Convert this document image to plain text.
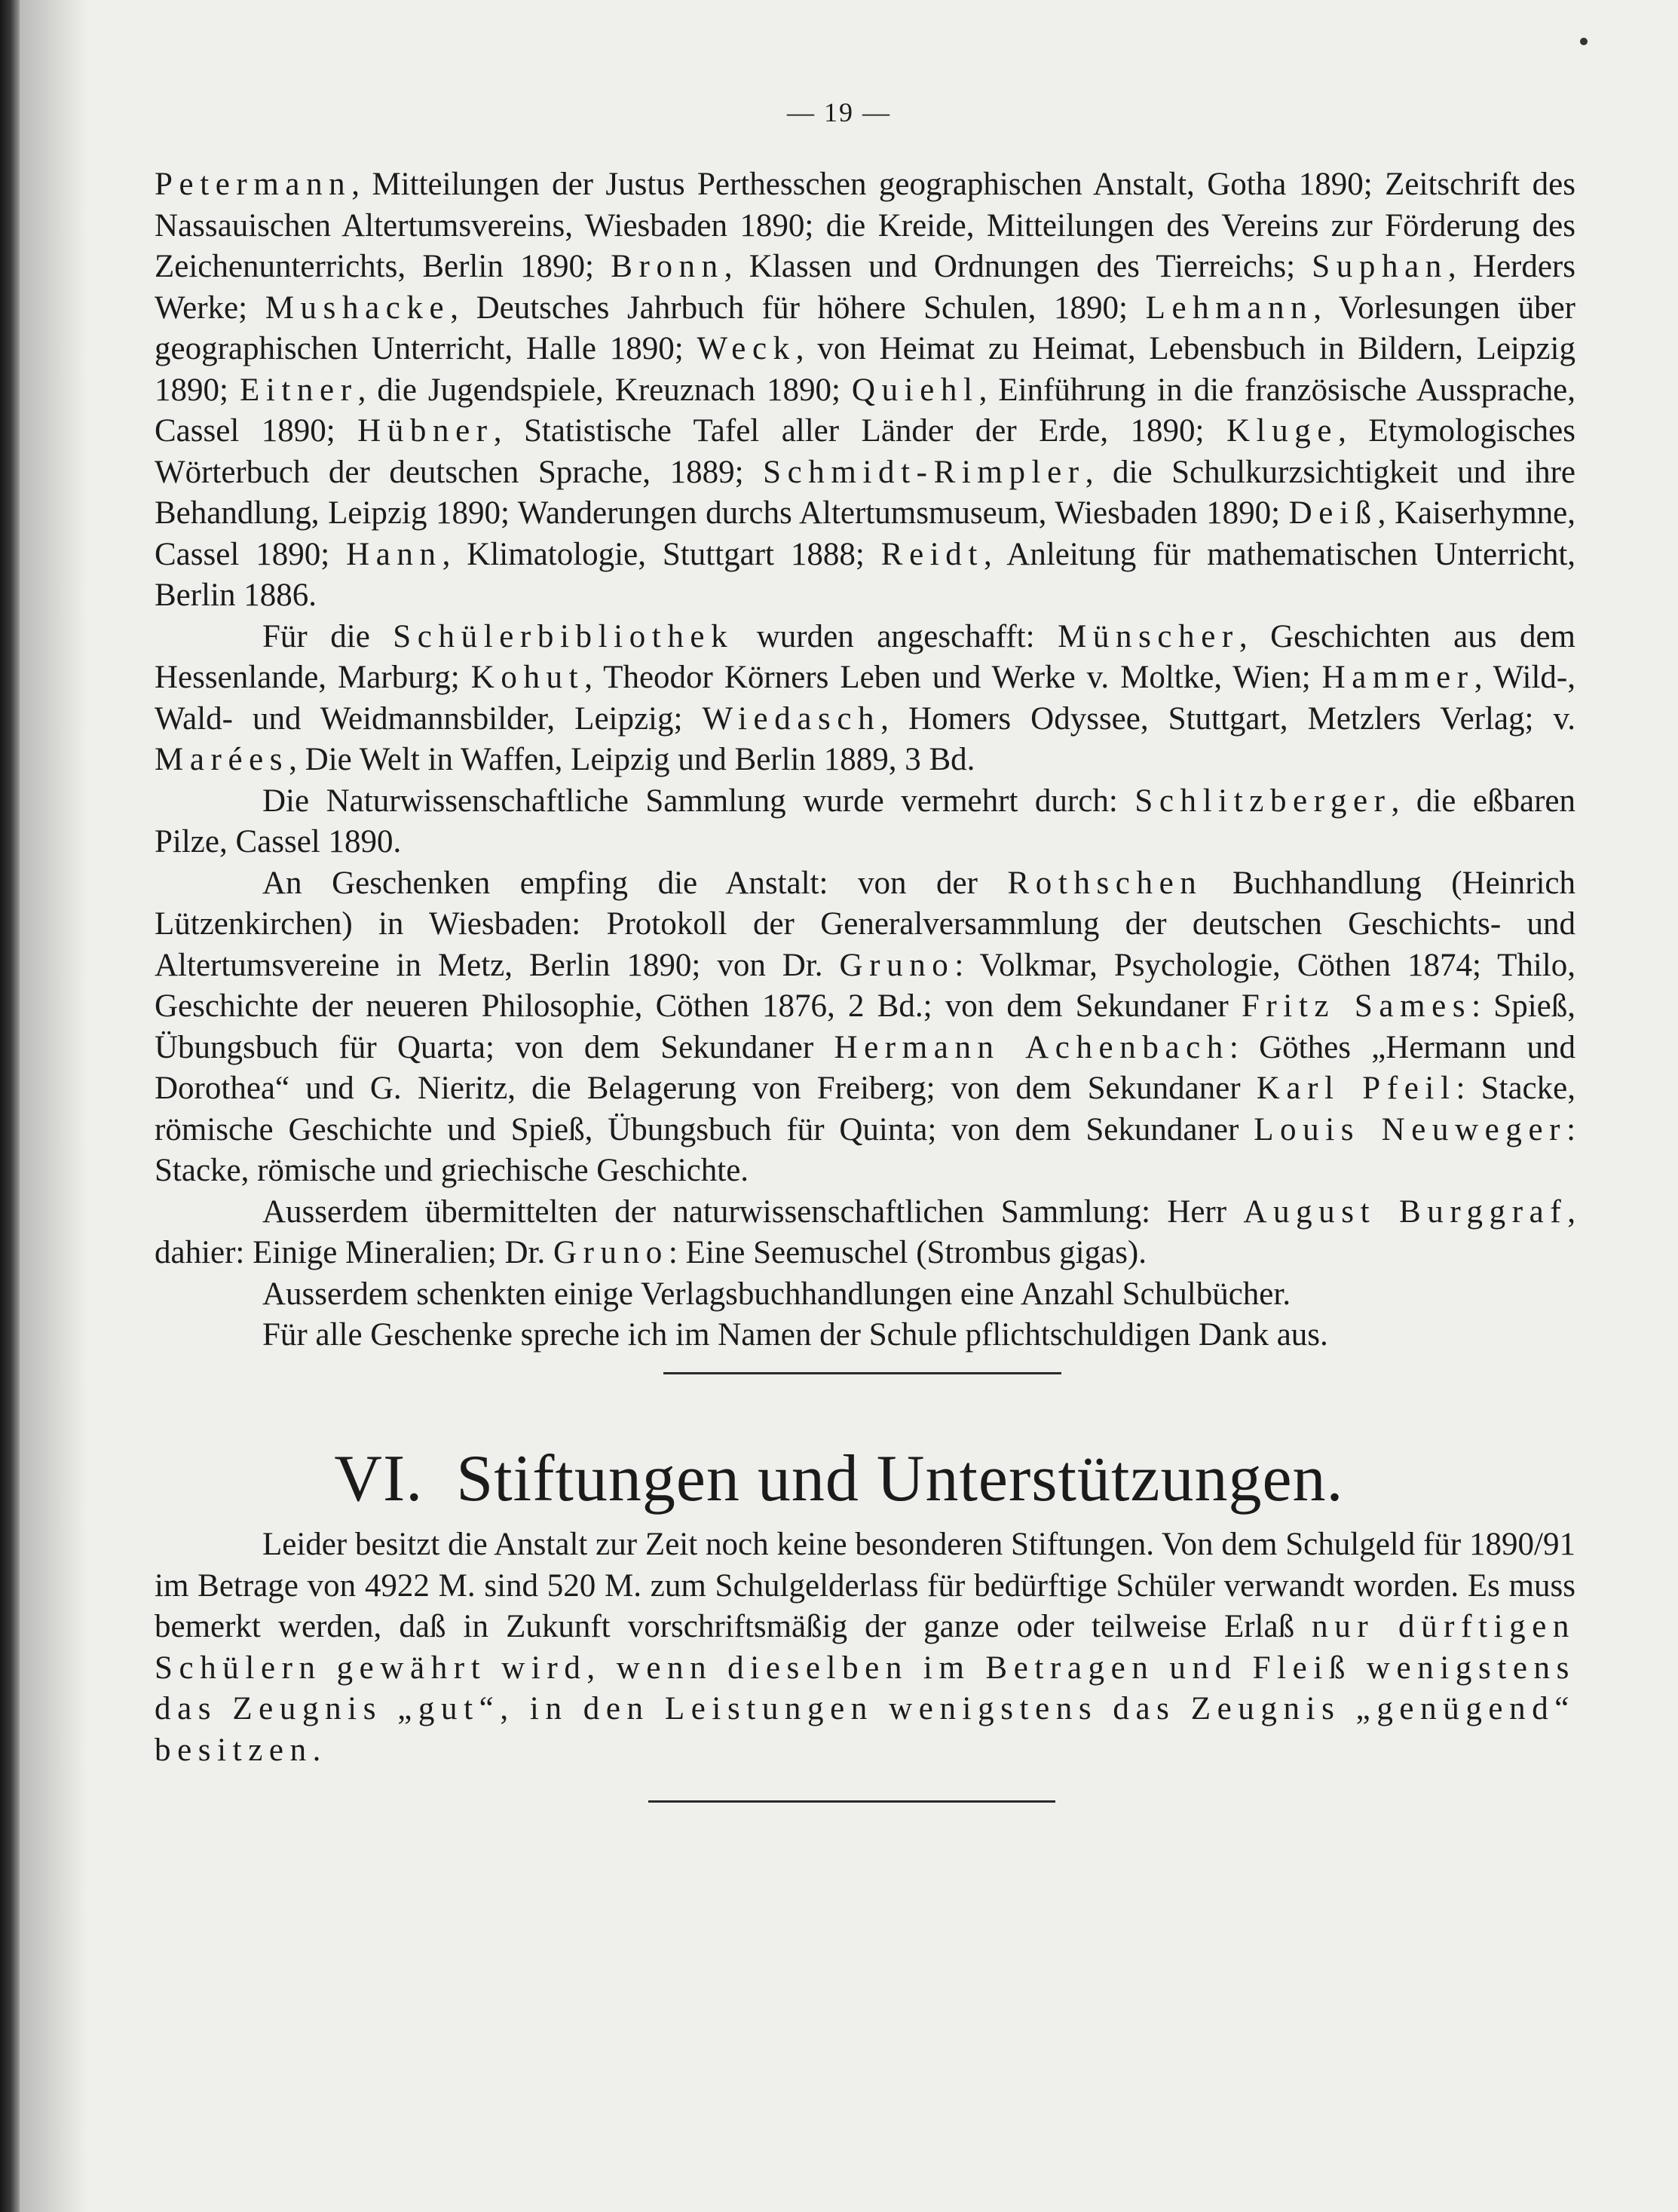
— 19 —

Petermann, Mitteilungen der Justus Perthesschen geographischen Anstalt, Gotha 1890; Zeitschrift des Nassauischen Altertumsvereins, Wiesbaden 1890; die Kreide, Mitteilungen des Vereins zur Förderung des Zeichenunterrichts, Berlin 1890; Bronn, Klassen und Ordnungen des Tierreichs; Suphan, Herders Werke; Mushacke, Deutsches Jahrbuch für höhere Schulen, 1890; Lehmann, Vorlesungen über geographischen Unterricht, Halle 1890; Weck, von Heimat zu Heimat, Lebensbuch in Bildern, Leipzig 1890; Eitner, die Jugendspiele, Kreuznach 1890; Quiehl, Einführung in die französische Aussprache, Cassel 1890; Hübner, Statistische Tafel aller Länder der Erde, 1890; Kluge, Etymologisches Wörterbuch der deutschen Sprache, 1889; Schmidt-Rimpler, die Schulkurzsichtigkeit und ihre Behandlung, Leipzig 1890; Wanderungen durchs Altertumsmuseum, Wiesbaden 1890; Deiß, Kaiserhymne, Cassel 1890; Hann, Klimatologie, Stuttgart 1888; Reidt, Anleitung für mathematischen Unterricht, Berlin 1886.

Für die Schülerbibliothek wurden angeschafft: Münscher, Geschichten aus dem Hessenlande, Marburg; Kohut, Theodor Körners Leben und Werke v. Moltke, Wien; Hammer, Wild-, Wald- und Weidmannsbilder, Leipzig; Wiedasch, Homers Odyssee, Stuttgart, Metzlers Verlag; v. Marées, Die Welt in Waffen, Leipzig und Berlin 1889, 3 Bd.

Die Naturwissenschaftliche Sammlung wurde vermehrt durch: Schlitzberger, die eßbaren Pilze, Cassel 1890.

An Geschenken empfing die Anstalt: von der Rothschen Buchhandlung (Heinrich Lützenkirchen) in Wiesbaden: Protokoll der Generalversammlung der deutschen Geschichts- und Altertumsvereine in Metz, Berlin 1890; von Dr. Gruno: Volkmar, Psychologie, Cöthen 1874; Thilo, Geschichte der neueren Philosophie, Cöthen 1876, 2 Bd.; von dem Sekundaner Fritz Sames: Spieß, Übungsbuch für Quarta; von dem Sekundaner Hermann Achenbach: Göthes „Hermann und Dorothea“ und G. Nieritz, die Belagerung von Freiberg; von dem Sekundaner Karl Pfeil: Stacke, römische Geschichte und Spieß, Übungsbuch für Quinta; von dem Sekundaner Louis Neuweger: Stacke, römische und griechische Geschichte.

Ausserdem übermittelten der naturwissenschaftlichen Sammlung: Herr August Burggraf, dahier: Einige Mineralien; Dr. Gruno: Eine Seemuschel (Strombus gigas).

Ausserdem schenkten einige Verlagsbuchhandlungen eine Anzahl Schulbücher.

Für alle Geschenke spreche ich im Namen der Schule pflichtschuldigen Dank aus.

VI. Stiftungen und Unterstützungen.

Leider besitzt die Anstalt zur Zeit noch keine besonderen Stiftungen. Von dem Schulgeld für 1890/91 im Betrage von 4922 M. sind 520 M. zum Schulgelderlass für bedürftige Schüler verwandt worden. Es muss bemerkt werden, daß in Zukunft vorschriftsmäßig der ganze oder teilweise Erlaß nur dürftigen Schülern gewährt wird, wenn dieselben im Betragen und Fleiß wenigstens das Zeugnis „gut“, in den Leistungen wenigstens das Zeugnis „genügend“ besitzen.
